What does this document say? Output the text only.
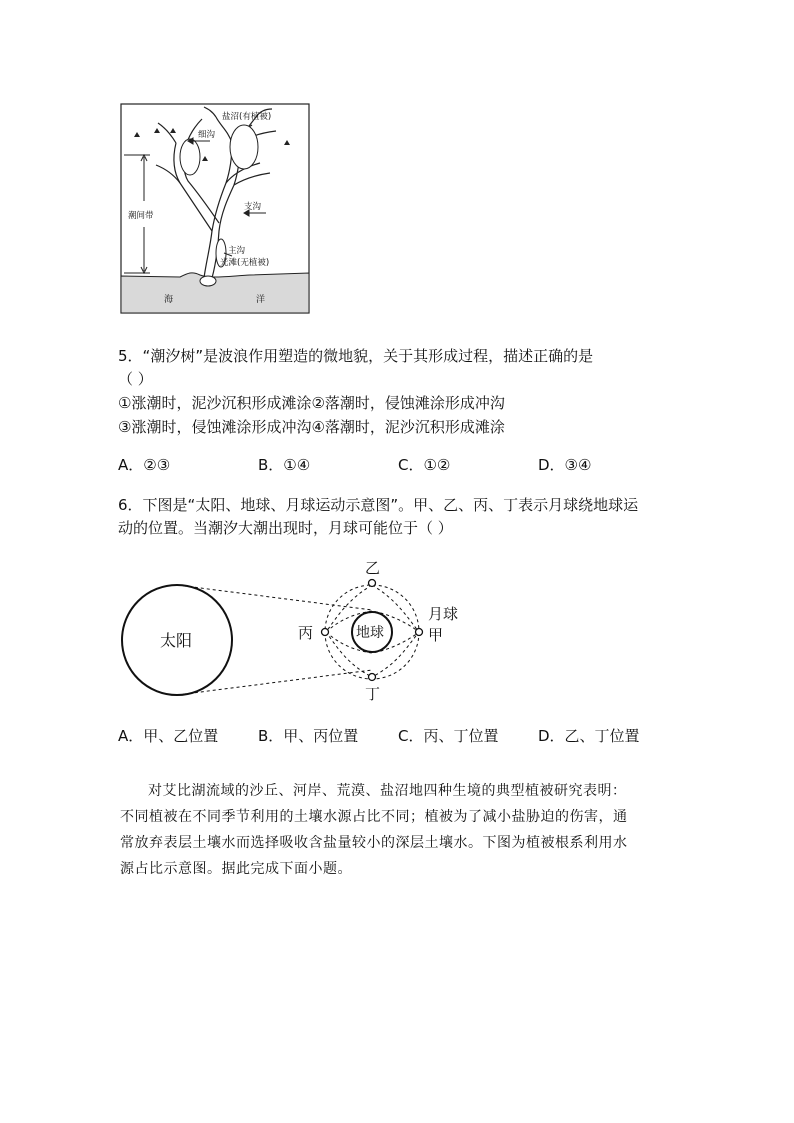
盐沼(有植被)
细沟
支沟
潮间带
主沟
光滩(无植被)
海	洋
5．“潮汐树”是波浪作用塑造的微地貌，关于其形成过程，描述正确的是
（ ）
①涨潮时，泥沙沉积形成滩涂②落潮时，侵蚀滩涂形成冲沟
③涨潮时，侵蚀滩涂形成冲沟④落潮时，泥沙沉积形成滩涂
A．②③	B．①④	C．①②	D．③④
6．下图是“太阳、地球、月球运动示意图”。甲、乙、丙、丁表示月球绕地球运
动的位置。当潮汐大潮出现时，月球可能位于（ ）
太阳	地球
乙
丁
丙
月球
甲
A．甲、乙位置	B．甲、丙位置	C．丙、丁位置	D．乙、丁位置
对艾比湖流域的沙丘、河岸、荒漠、盐沼地四种生境的典型植被研究表明：
不同植被在不同季节利用的土壤水源占比不同；植被为了减小盐胁迫的伤害，通
常放弃表层土壤水而选择吸收含盐量较小的深层土壤水。下图为植被根系利用水
源占比示意图。据此完成下面小题。
